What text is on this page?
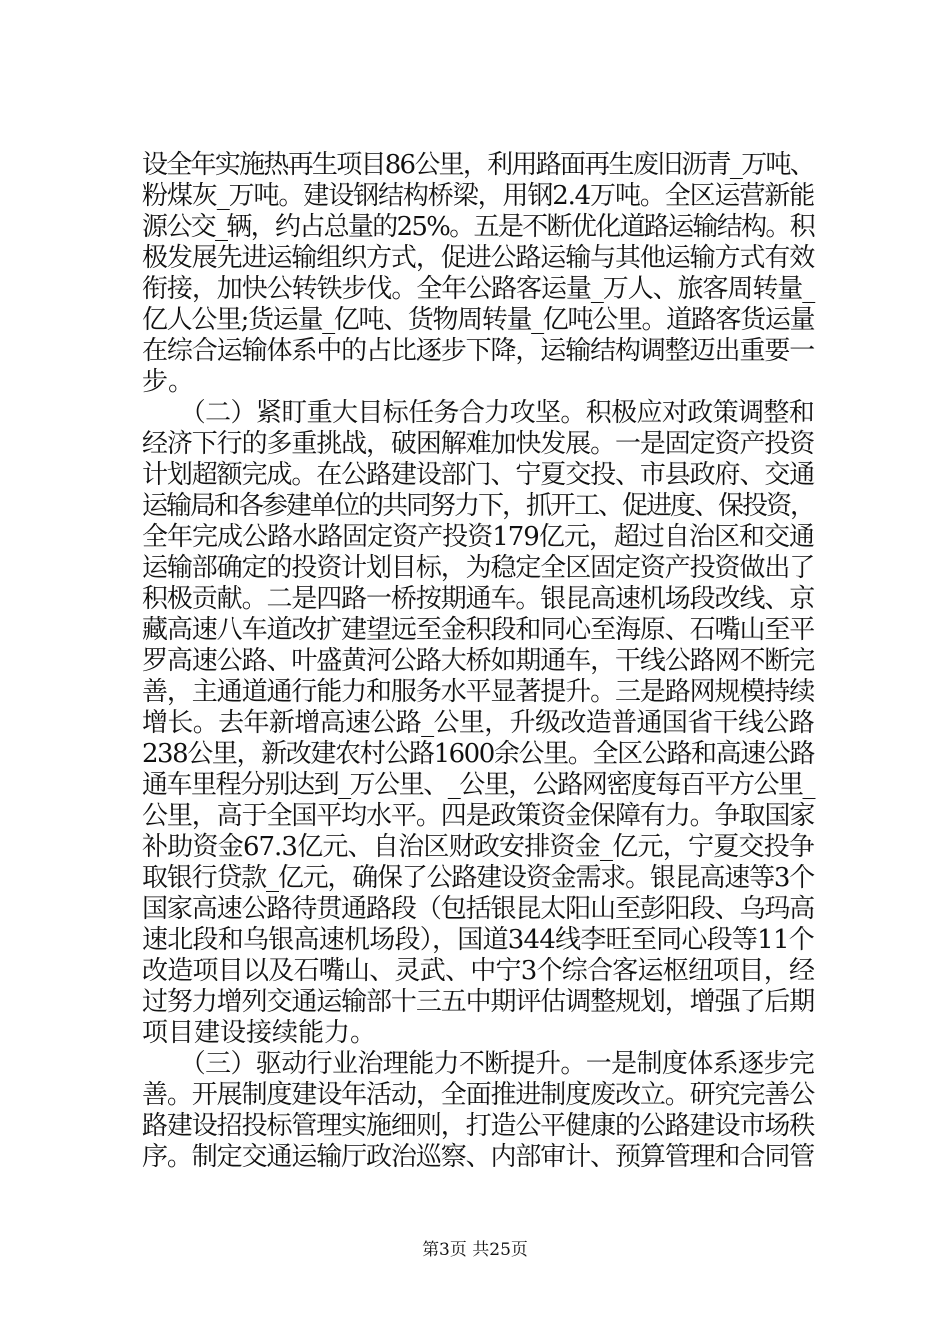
设全年实施热再生项目86公里，利用路面再生废旧沥青_万吨、
粉煤灰_万吨。建设钢结构桥梁，用钢2.4万吨。全区运营新能
源公交_辆，约占总量的25%。五是不断优化道路运输结构。积
极发展先进运输组织方式，促进公路运输与其他运输方式有效
衔接，加快公转铁步伐。全年公路客运量_万人、旅客周转量_
亿人公里;货运量_亿吨、货物周转量_亿吨公里。道路客货运量
在综合运输体系中的占比逐步下降，运输结构调整迈出重要一
步。
　　（二）紧盯重大目标任务合力攻坚。积极应对政策调整和
经济下行的多重挑战，破困解难加快发展。一是固定资产投资
计划超额完成。在公路建设部门、宁夏交投、市县政府、交通
运输局和各参建单位的共同努力下，抓开工、促进度、保投资，
全年完成公路水路固定资产投资179亿元，超过自治区和交通
运输部确定的投资计划目标，为稳定全区固定资产投资做出了
积极贡献。二是四路一桥按期通车。银昆高速机场段改线、京
藏高速八车道改扩建望远至金积段和同心至海原、石嘴山至平
罗高速公路、叶盛黄河公路大桥如期通车，干线公路网不断完
善，主通道通行能力和服务水平显著提升。三是路网规模持续
增长。去年新增高速公路_公里，升级改造普通国省干线公路
238公里，新改建农村公路1600余公里。全区公路和高速公路
通车里程分别达到_万公里、_公里，公路网密度每百平方公里_
公里，高于全国平均水平。四是政策资金保障有力。争取国家
补助资金67.3亿元、自治区财政安排资金_亿元，宁夏交投争
取银行贷款_亿元，确保了公路建设资金需求。银昆高速等3个
国家高速公路待贯通路段（包括银昆太阳山至彭阳段、乌玛高
速北段和乌银高速机场段），国道344线李旺至同心段等11个
改造项目以及石嘴山、灵武、中宁3个综合客运枢纽项目，经
过努力增列交通运输部十三五中期评估调整规划，增强了后期
项目建设接续能力。
　　（三）驱动行业治理能力不断提升。一是制度体系逐步完
善。开展制度建设年活动，全面推进制度废改立。研究完善公
路建设招投标管理实施细则，打造公平健康的公路建设市场秩
序。制定交通运输厅政治巡察、内部审计、预算管理和合同管
第3页 共25页
